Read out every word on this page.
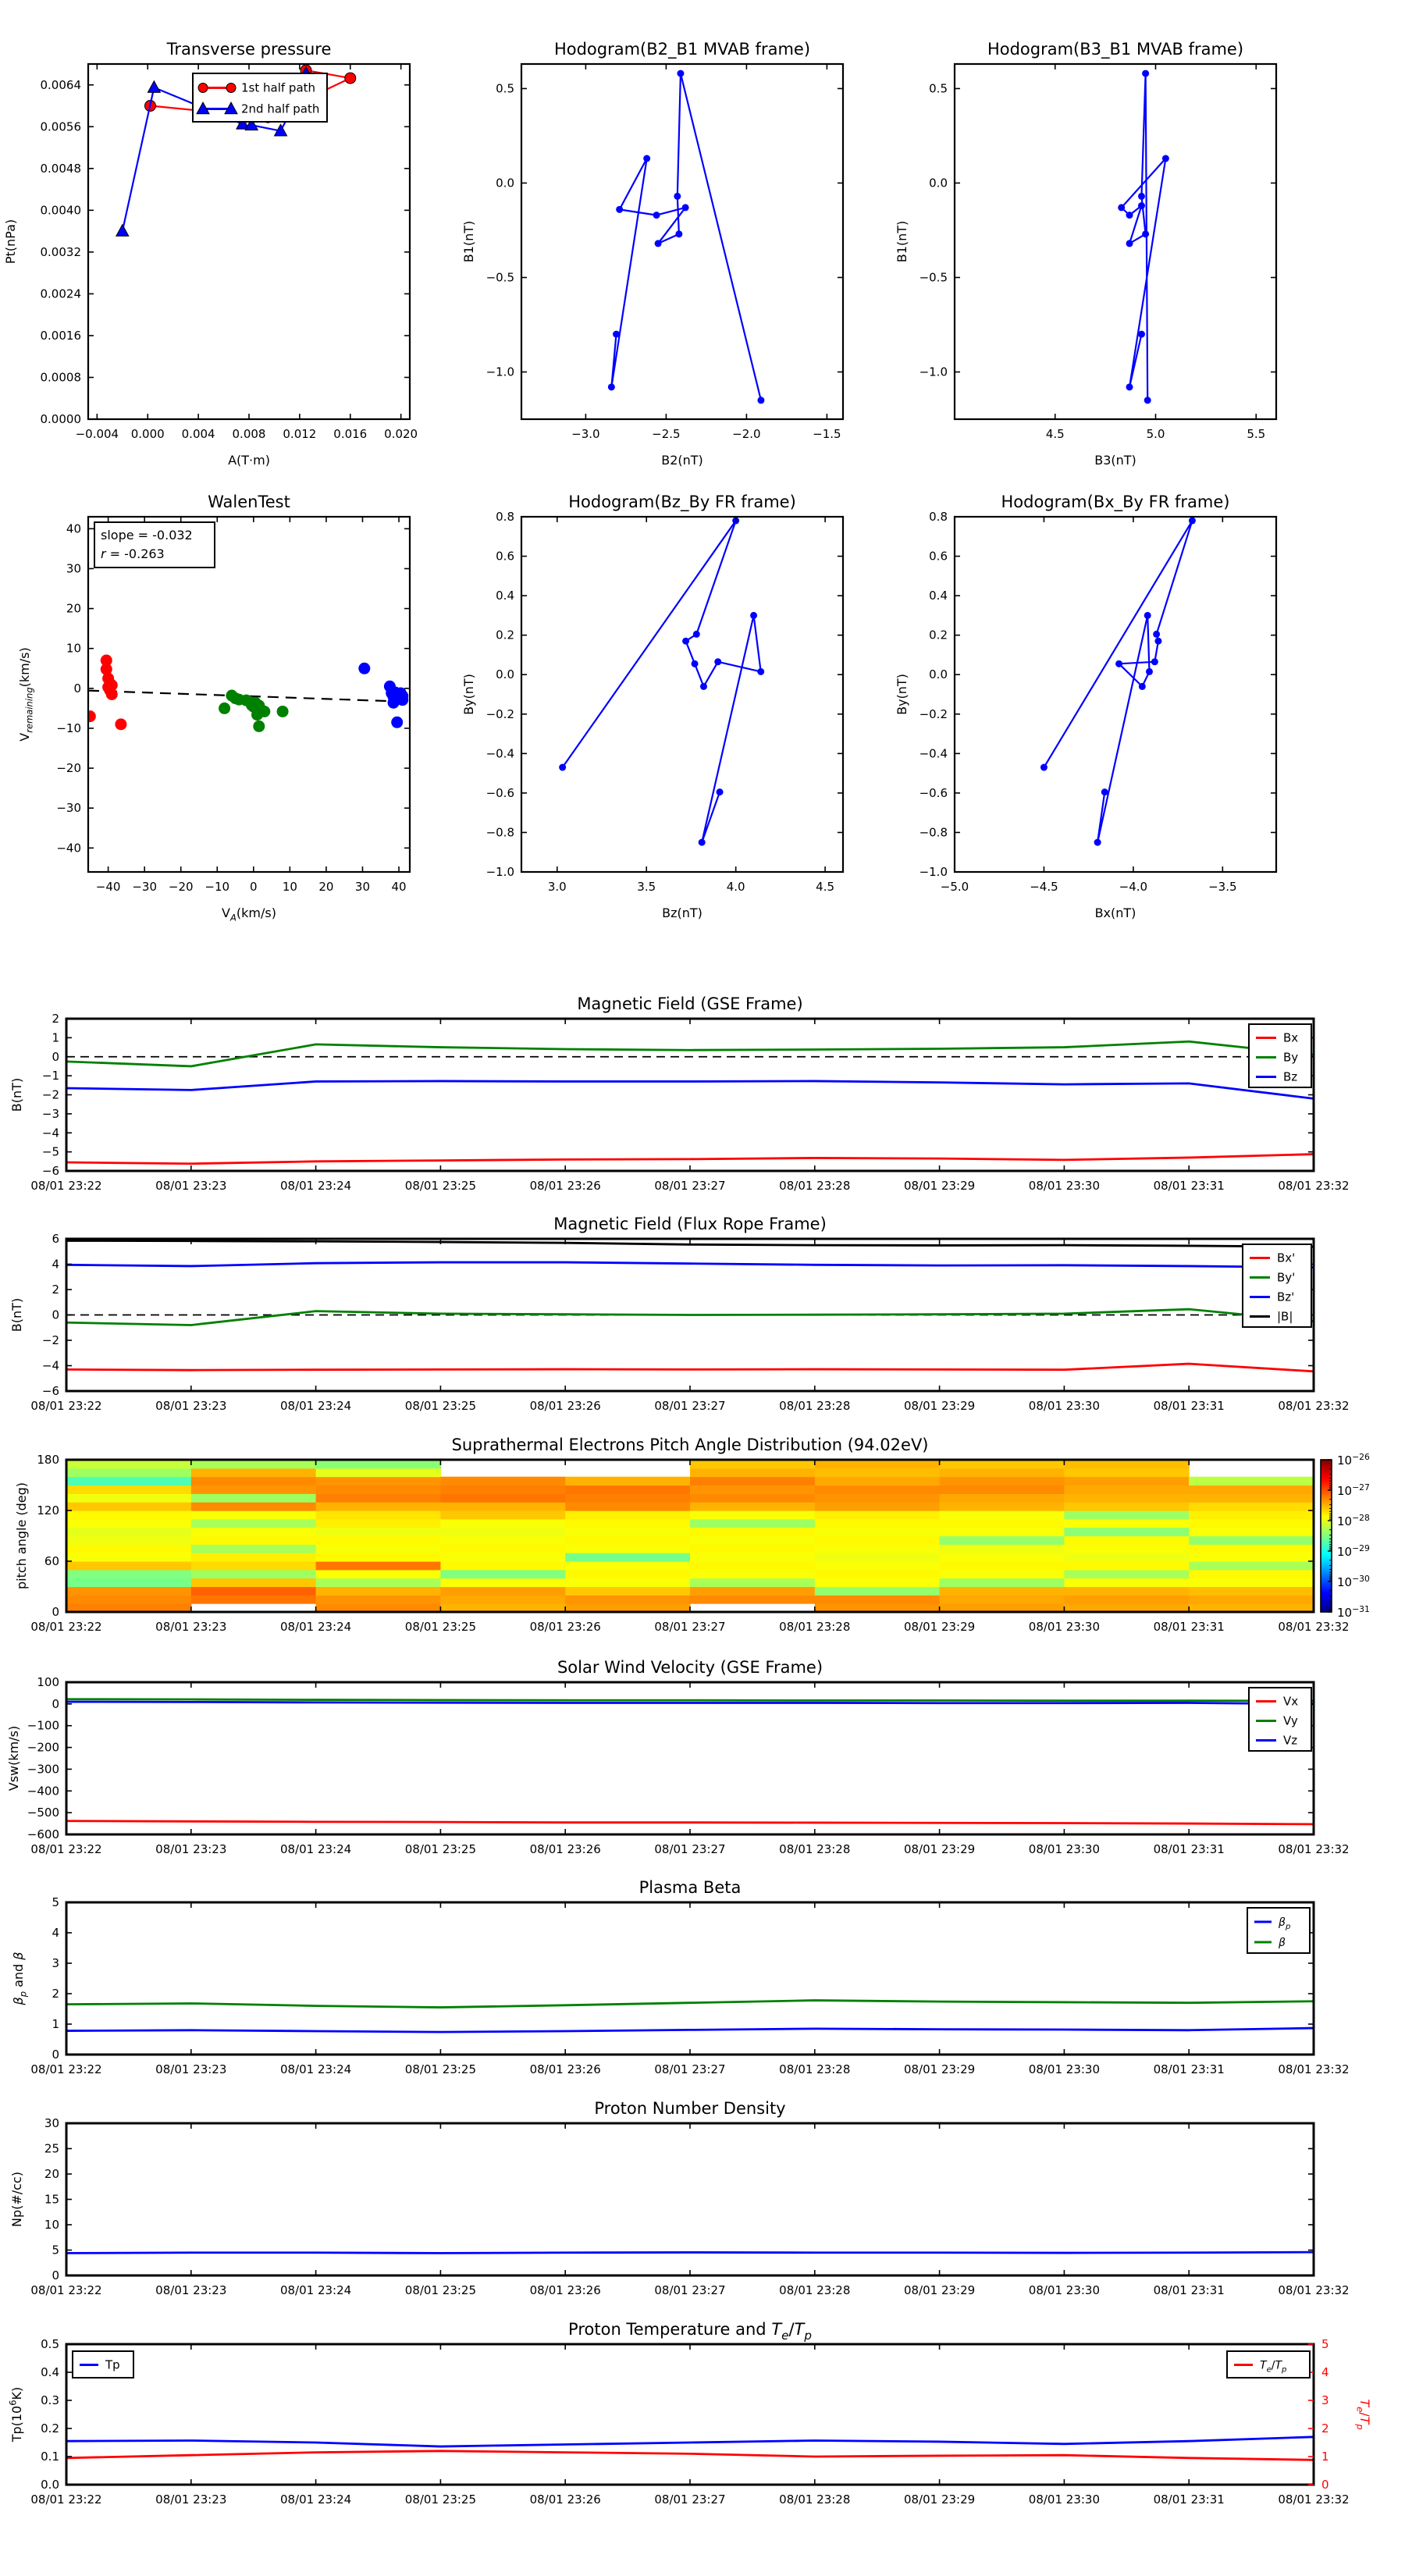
−0.004 0.000 0.004 0.008 0.012 0.016 0.020
0.0000
0.0008
0.0016
0.0024
0.0032
0.0040
0.0048
0.0056
0.0064
Transverse pressure
A(T·m)
Pt(nPa)
1st half path
2nd half path
−3.0	−2.5	−2.0	−1.5
0.5
0.0
−0.5
−1.0
Hodogram(B2_B1 MVAB frame)
B2(nT)
B1(nT)
4.5	5.0	5.5
0.5
0.0
−0.5
−1.0
Hodogram(B3_B1 MVAB frame)
B3(nT)
B1(nT)
−40 −30 −20 −10 0 10 20 30 40
40
30
20
10
0
−10
−20
−30
−40
WalenTest
$V_A(km/s)$
$V_{remaining}(km/s)$
slope = -0.032
r = -0.263
3.0	3.5	4.0	4.5
0.8
0.6
0.4
0.2
0.0
−0.2
−0.4
−0.6
−0.8
−1.0
Hodogram(Bz_By FR frame)
Bz(nT)
By(nT)
−5.0	−4.5	−4.0	−3.5
0.8
0.6
0.4
0.2
0.0
−0.2
−0.4
−0.6
−0.8
−1.0
Hodogram(Bx_By FR frame)
Bx(nT)
By(nT)
08/01 23:22	08/01 23:23	08/01 23:24	08/01 23:25	08/01 23:26	08/01 23:27	08/01 23:28	08/01 23:29	08/01 23:30	08/01 23:31	08/01 23:32
2
1
0
−1
−2
−3
−4
−5
−6
Magnetic Field (GSE Frame)
B(nT)
Bx
By
Bz
08/01 23:22	08/01 23:23	08/01 23:24	08/01 23:25	08/01 23:26	08/01 23:27	08/01 23:28	08/01 23:29	08/01 23:30	08/01 23:31	08/01 23:32
6
4
2
0
−2
−4
−6
Magnetic Field (Flux Rope Frame)
B(nT)
Bx'
By'
Bz'
|B|
08/01 23:22	08/01 23:23	08/01 23:24	08/01 23:25	08/01 23:26	08/01 23:27	08/01 23:28	08/01 23:29	08/01 23:30	08/01 23:31	08/01 23:32
0
60
120
180
Suprathermal Electrons Pitch Angle Distribution (94.02eV)
pitch angle (deg)
$10^{-26}$
$10^{-27}$
$10^{-28}$
$10^{-29}$
$10^{-30}$
$10^{-31}$
08/01 23:22	08/01 23:23	08/01 23:24	08/01 23:25	08/01 23:26	08/01 23:27	08/01 23:28	08/01 23:29	08/01 23:30	08/01 23:31	08/01 23:32
100
0
−100
−200
−300
−400
−500
−600
Solar Wind Velocity (GSE Frame)
Vsw(km/s)
Vx
Vy
Vz
08/01 23:22	08/01 23:23	08/01 23:24	08/01 23:25	08/01 23:26	08/01 23:27	08/01 23:28	08/01 23:29	08/01 23:30	08/01 23:31	08/01 23:32
0
1
2
3
4
5
Plasma Beta
$\beta_p$ and β
$\beta_p$
β
08/01 23:22	08/01 23:23	08/01 23:24	08/01 23:25	08/01 23:26	08/01 23:27	08/01 23:28	08/01 23:29	08/01 23:30	08/01 23:31	08/01 23:32
0
5
10
15
20
25
30
Proton Number Density
Np(#/cc)
08/01 23:22	08/01 23:23	08/01 23:24	08/01 23:25	08/01 23:26	08/01 23:27	08/01 23:28	08/01 23:29	08/01 23:30	08/01 23:31	08/01 23:32
0.0
0.1
0.2
0.3
0.4
0.5
Proton Temperature and $T_e/T_p$
$Tp(10^6K)$
0
1
2
3
4
5
$T_e/T_p$
Tp	$T_e/T_p$
